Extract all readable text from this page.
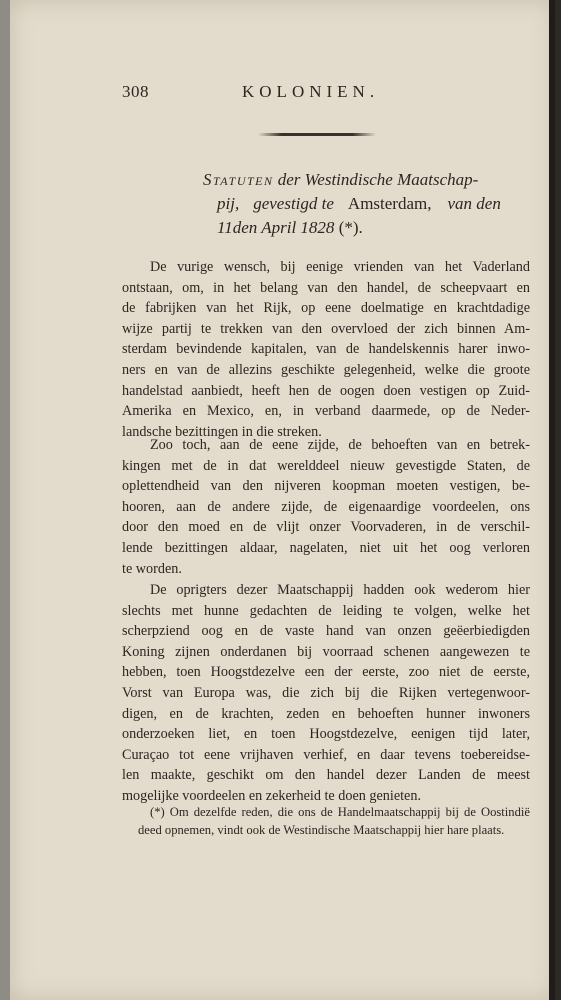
308	KOLONIEN.
Statuten der Westindische Maatschap-
pij, gevestigd te Amsterdam, van den
11den April 1828 (*).
De vurige wensch, bij eenige vrienden van het Vaderland
ontstaan, om, in het belang van den handel, de scheepvaart en
de fabrijken van het Rijk, op eene doelmatige en krachtdadige
wijze partij te trekken van den overvloed der zich binnen Am-
sterdam bevindende kapitalen, van de handelskennis harer inwo-
ners en van de allezins geschikte gelegenheid, welke die groote
handelstad aanbiedt, heeft hen de oogen doen vestigen op Zuid-
Amerika en Mexico, en, in verband daarmede, op de Neder-
landsche bezittingen in die streken.
Zoo toch, aan de eene zijde, de behoeften van en betrek-
kingen met de in dat werelddeel nieuw gevestigde Staten, de
oplettendheid van den nijveren koopman moeten vestigen, be-
hooren, aan de andere zijde, de eigenaardige voordeelen, ons
door den moed en de vlijt onzer Voorvaderen, in de verschil-
lende bezittingen aldaar, nagelaten, niet uit het oog verloren
te worden.
De oprigters dezer Maatschappij hadden ook wederom hier
slechts met hunne gedachten de leiding te volgen, welke het
scherpziend oog en de vaste hand van onzen geëerbiedigden
Koning zijnen onderdanen bij voorraad schenen aangewezen te
hebben, toen Hoogstdezelve een der eerste, zoo niet de eerste,
Vorst van Europa was, die zich bij die Rijken vertegenwoor-
digen, en de krachten, zeden en behoeften hunner inwoners
onderzoeken liet, en toen Hoogstdezelve, eenigen tijd later,
Curaçao tot eene vrijhaven verhief, en daar tevens toebereidse-
len maakte, geschikt om den handel dezer Landen de meest
mogelijke voordeelen en zekerheid te doen genieten.
(*) Om dezelfde reden, die ons de Handelmaatschappij bij de Oostindië
deed opnemen, vindt ook de Westindische Maatschappij hier hare plaats.
